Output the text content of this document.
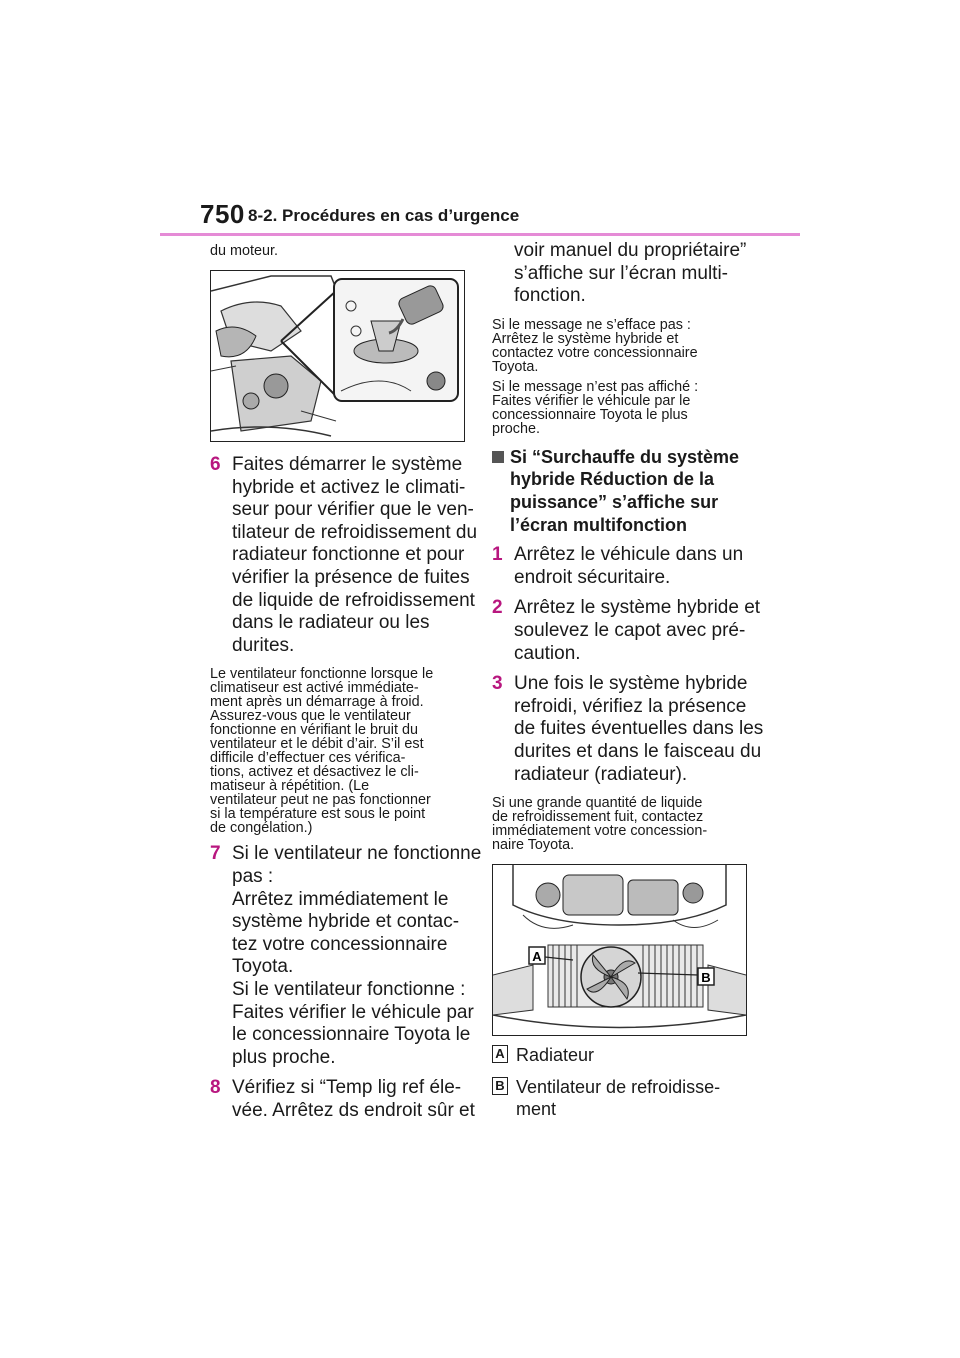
750 8-2. Procédures en cas d’urgence
du moteur.
6 Faites démarrer le système
hybride et activez le climati-
seur pour vérifier que le ven-
tilateur de refroidissement du
radiateur fonctionne et pour
vérifier la présence de fuites
de liquide de refroidissement
dans le radiateur ou les
durites.
Le ventilateur fonctionne lorsque le
climatiseur est activé immédiate-
ment après un démarrage à froid.
Assurez-vous que le ventilateur
fonctionne en vérifiant le bruit du
ventilateur et le débit d’air. S’il est
difficile d’effectuer ces vérifica-
tions, activez et désactivez le cli-
matiseur à répétition. (Le
ventilateur peut ne pas fonctionner
si la température est sous le point
de congélation.)
7 Si le ventilateur ne fonctionne
pas :
Arrêtez immédiatement le
système hybride et contac-
tez votre concessionnaire
Toyota.
Si le ventilateur fonctionne :
Faites vérifier le véhicule par
le concessionnaire Toyota le
plus proche.
8 Vérifiez si “Temp lig ref éle-
vée. Arrêtez ds endroit sûr et
voir manuel du propriétaire”
s’affiche sur l’écran multi-
fonction.
Si le message ne s’efface pas :
Arrêtez le système hybride et
contactez votre concessionnaire
Toyota.
Si le message n’est pas affiché :
Faites vérifier le véhicule par le
concessionnaire Toyota le plus
proche.
Si “Surchauffe du système
hybride Réduction de la
puissance” s’affiche sur
l’écran multifonction
1 Arrêtez le véhicule dans un
endroit sécuritaire.
2 Arrêtez le système hybride et
soulevez le capot avec pré-
caution.
3 Une fois le système hybride
refroidi, vérifiez la présence
de fuites éventuelles dans les
durites et dans le faisceau du
radiateur (radiateur).
Si une grande quantité de liquide
de refroidissement fuit, contactez
immédiatement votre concession-
naire Toyota.
A
B
A Radiateur
B Ventilateur de refroidisse-
ment
